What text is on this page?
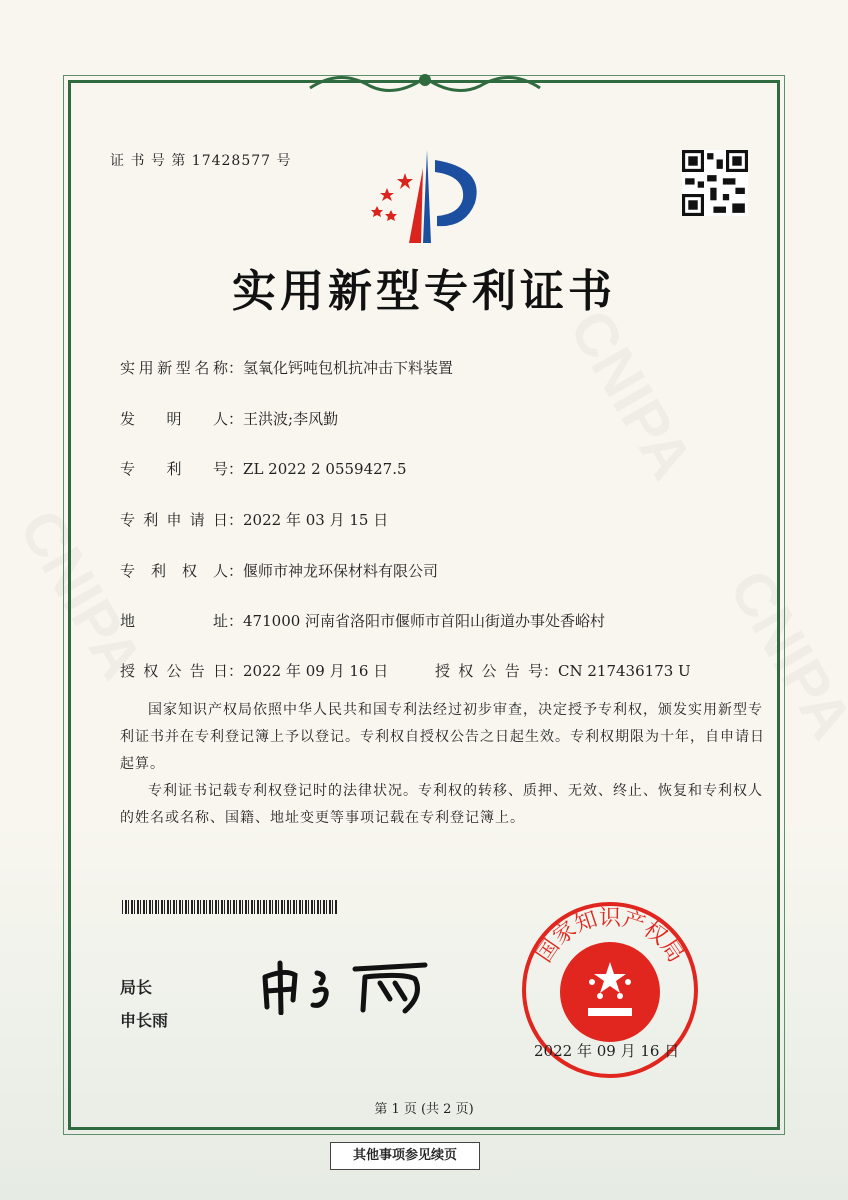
证 书 号 第 17428577 号
实用新型专利证书
实用新型名称：氢氧化钙吨包机抗冲击下料装置
发明人：王洪波;李风勤
专利号：ZL 2022 2 0559427.5
专利申请日：2022 年 03 月 15 日
专利权人：偃师市神龙环保材料有限公司
地址：471000 河南省洛阳市偃师市首阳山街道办事处香峪村
授权公告日：2022 年 09 月 16 日	授权公告号：CN 217436173 U
国家知识产权局依照中华人民共和国专利法经过初步审查，决定授予专利权，颁发实用新型专利证书并在专利登记簿上予以登记。专利权自授权公告之日起生效。专利权期限为十年，自申请日起算。
专利证书记载专利权登记时的法律状况。专利权的转移、质押、无效、终止、恢复和专利权人的姓名或名称、国籍、地址变更等事项记载在专利登记簿上。
局长
申长雨
国家知识产权局
2022 年 09 月 16 日
第 1 页 (共 2 页)
其他事项参见续页
